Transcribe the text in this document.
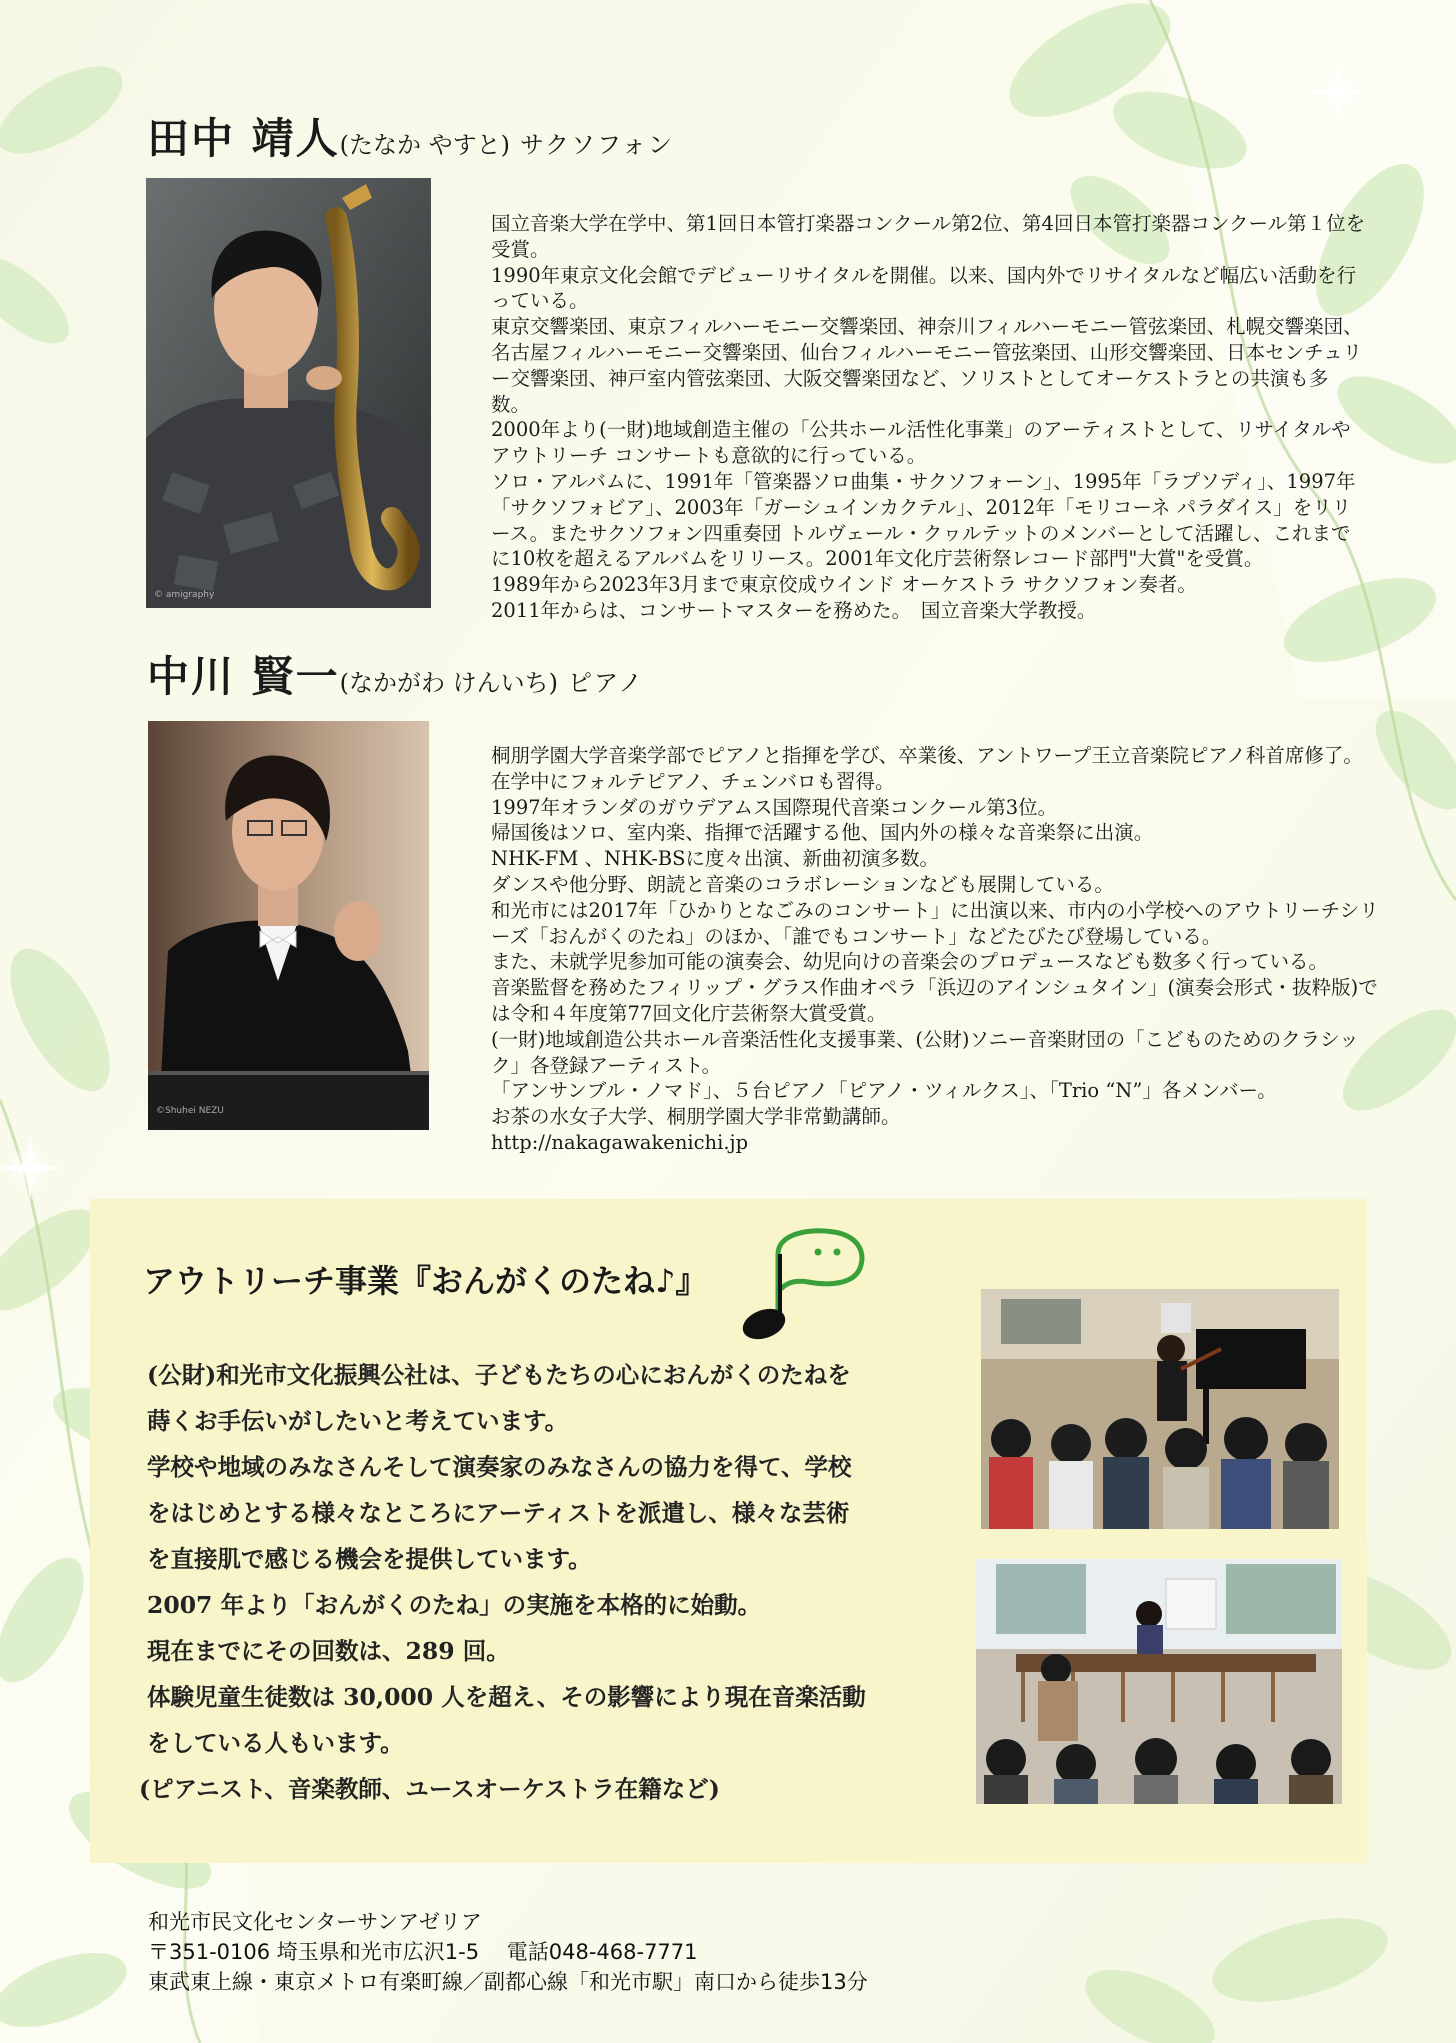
田中 靖人(たなか やすと) サクソフォン
© amigraphy

国立音楽大学在学中、第1回日本管打楽器コンクール第2位、第4回日本管打楽器コンクール第１位を受賞。

1990年東京文化会館でデビューリサイタルを開催。以来、国内外でリサイタルなど幅広い活動を行っている。

東京交響楽団、東京フィルハーモニー交響楽団、神奈川フィルハーモニー管弦楽団、札幌交響楽団、名古屋フィルハーモニー交響楽団、仙台フィルハーモニー管弦楽団、山形交響楽団、日本センチュリー交響楽団、神戸室内管弦楽団、大阪交響楽団など、ソリストとしてオーケストラとの共演も多数。

2000年より(一財)地域創造主催の「公共ホール活性化事業」のアーティストとして、リサイタルやアウトリーチ コンサートも意欲的に行っている。

ソロ・アルバムに、1991年「管楽器ソロ曲集・サクソフォーン」、1995年「ラプソディ」、1997年「サクソフォビア」、2003年「ガーシュインカクテル」、2012年「モリコーネ パラダイス」をリリース。またサクソフォン四重奏団 トルヴェール・クヮルテットのメンバーとして活躍し、これまでに10枚を超えるアルバムをリリース。2001年文化庁芸術祭レコード部門"大賞"を受賞。

1989年から2023年3月まで東京佼成ウインド オーケストラ サクソフォン奏者。

2011年からは、コンサートマスターを務めた。　国立音楽大学教授。

中川 賢一(なかがわ けんいち) ピアノ
©Shuhei NEZU

桐朋学園大学音楽学部でピアノと指揮を学び、卒業後、アントワープ王立音楽院ピアノ科首席修了。

在学中にフォルテピアノ、チェンバロも習得。

1997年オランダのガウデアムス国際現代音楽コンクール第3位。

帰国後はソロ、室内楽、指揮で活躍する他、国内外の様々な音楽祭に出演。

NHK-FM 、NHK-BSに度々出演、新曲初演多数。

ダンスや他分野、朗読と音楽のコラボレーションなども展開している。

和光市には2017年「ひかりとなごみのコンサート」に出演以来、市内の小学校へのアウトリーチシリーズ「おんがくのたね」のほか、「誰でもコンサート」などたびたび登場している。

また、未就学児参加可能の演奏会、幼児向けの音楽会のプロデュースなども数多く行っている。

音楽監督を務めたフィリップ・グラス作曲オペラ「浜辺のアインシュタイン」(演奏会形式・抜粋版)では令和４年度第77回文化庁芸術祭大賞受賞。

(一財)地域創造公共ホール音楽活性化支援事業、(公財)ソニー音楽財団の「こどものためのクラシック」各登録アーティスト。

「アンサンブル・ノマド」、５台ピアノ「ピアノ・ツィルクス」、「Trio “N”」各メンバー。

お茶の水女子大学、桐朋学園大学非常勤講師。

http://nakagawakenichi.jp

アウトリーチ事業『おんがくのたね♪』

(公財)和光市文化振興公社は、子どもたちの心におんがくのたねを

蒔くお手伝いがしたいと考えています。

学校や地域のみなさんそして演奏家のみなさんの協力を得て、学校

をはじめとする様々なところにアーティストを派遣し、様々な芸術

を直接肌で感じる機会を提供しています。

2007 年より「おんがくのたね」の実施を本格的に始動。

現在までにその回数は、289 回。

体験児童生徒数は 30,000 人を超え、その影響により現在音楽活動

をしている人もいます。

(ピアニスト、音楽教師、ユースオーケストラ在籍など)

和光市民文化センターサンアゼリア

〒351-0106 埼玉県和光市広沢1-5　 電話048-468-7771

東武東上線・東京メトロ有楽町線／副都心線「和光市駅」南口から徒歩13分
